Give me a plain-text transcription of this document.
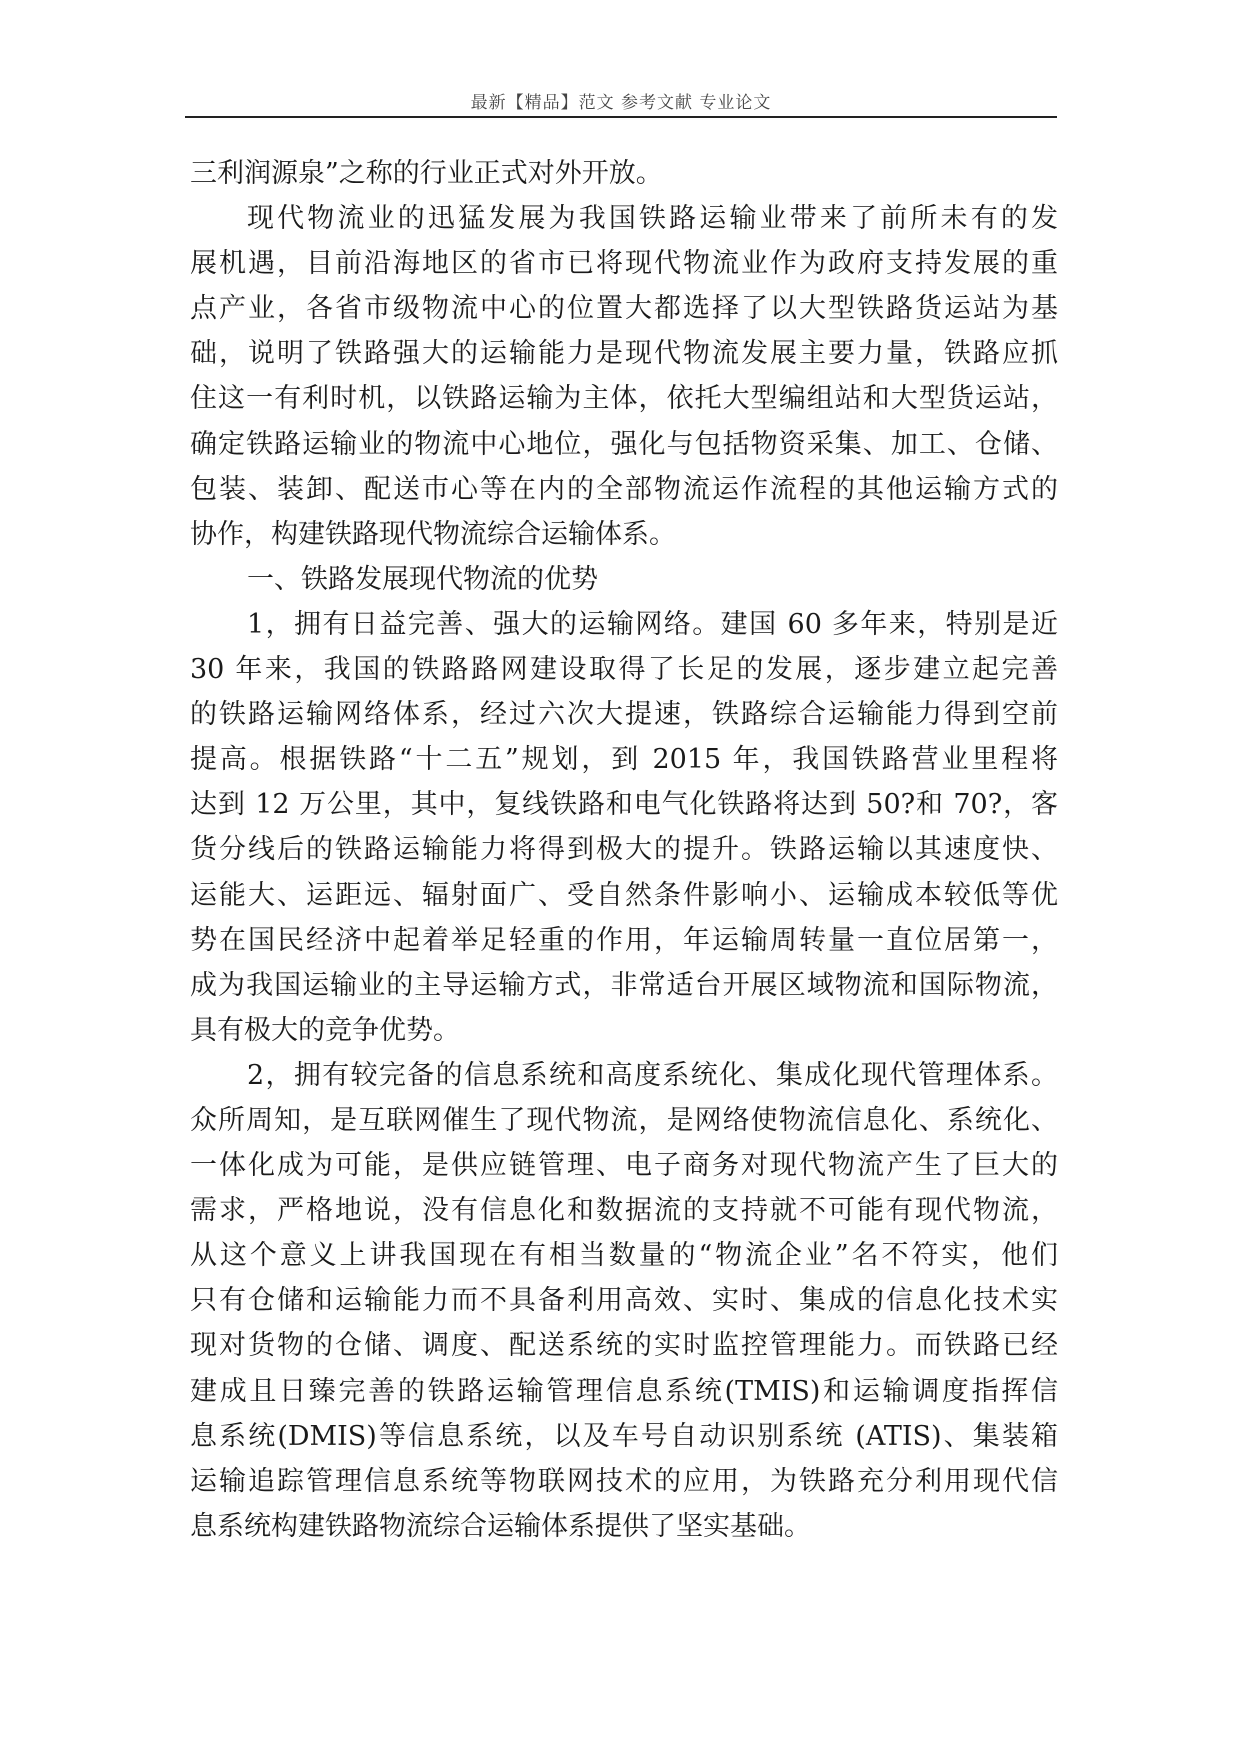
最新【精品】范文 参考文献 专业论文
三利润源泉”之称的行业正式对外开放。
现代物流业的迅猛发展为我国铁路运输业带来了前所未有的发
展机遇，目前沿海地区的省市已将现代物流业作为政府支持发展的重
点产业，各省市级物流中心的位置大都选择了以大型铁路货运站为基
础，说明了铁路强大的运输能力是现代物流发展主要力量，铁路应抓
住这一有利时机，以铁路运输为主体，依托大型编组站和大型货运站，
确定铁路运输业的物流中心地位，强化与包括物资采集、加工、仓储、
包装、装卸、配送巿心等在内的全部物流运作流程的其他运输方式的
协作，构建铁路现代物流综合运输体系。
一、铁路发展现代物流的优势
1，拥有日益完善、强大的运输网络。建国 60 多年来，特别是近
30 年来，我国的铁路路网建设取得了长足的发展，逐步建立起完善
的铁路运输网络体系，经过六次大提速，铁路综合运输能力得到空前
提高。根据铁路“十二五”规划，到 2015 年，我国铁路营业里程将
达到 12 万公里，其中，复线铁路和电气化铁路将达到 50?和 70?，客
货分线后的铁路运输能力将得到极大的提升。铁路运输以其速度快、
运能大、运距远、辐射面广、受自然条件影响小、运输成本较低等优
势在国民经济中起着举足轻重的作用，年运输周转量一直位居第一，
成为我国运输业的主导运输方式，非常适台开展区域物流和国际物流，
具有极大的竞争优势。
2，拥有较完备的信息系统和高度系统化、集成化现代管理体系。
众所周知，是互联网催生了现代物流，是网络使物流信息化、系统化、
一体化成为可能，是供应链管理、电子商务对现代物流产生了巨大的
需求，严格地说，没有信息化和数据流的支持就不可能有现代物流，
从这个意义上讲我国现在有相当数量的“物流企业”名不符实，他们
只有仓储和运输能力而不具备利用高效、实时、集成的信息化技术实
现对货物的仓储、调度、配送系统的实时监控管理能力。而铁路已经
建成且日臻完善的铁路运输管理信息系统(TMIS)和运输调度指挥信
息系统(DMIS)等信息系统，以及车号自动识别系统 (ATIS)、集装箱
运输追踪管理信息系统等物联网技术的应用，为铁路充分利用现代信
息系统构建铁路物流综合运输体系提供了坚实基础。
